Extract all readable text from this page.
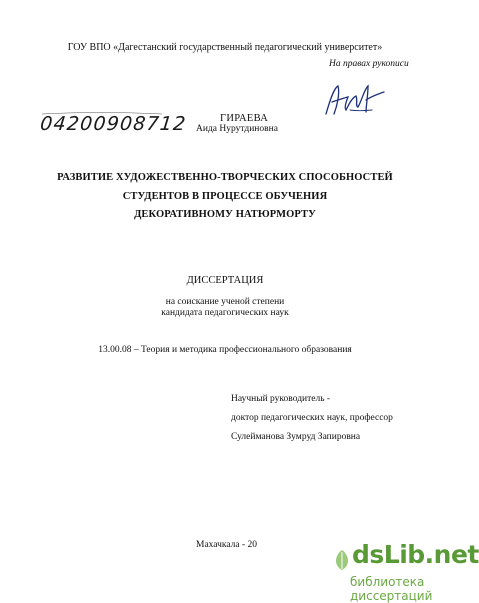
ГОУ ВПО «Дагестанский государственный педагогический университет»
На правах рукописи
04200908712	ГИРАЕВА
Аида Нурутдиновна
РАЗВИТИЕ ХУДОЖЕСТВЕННО-ТВОРЧЕСКИХ СПОСОБНОСТЕЙ
СТУДЕНТОВ В ПРОЦЕССЕ ОБУЧЕНИЯ
ДЕКОРАТИВНОМУ НАТЮРМОРТУ
ДИССЕРТАЦИЯ
на соискание ученой степени
кандидата педагогических наук
13.00.08 – Теория и методика профессионального образования
Научный руководитель -
доктор педагогических наук, профессор
Сулейманова Зумруд Запировна
Махачкала - 20	dsLib.net
библиотека диссертаций
